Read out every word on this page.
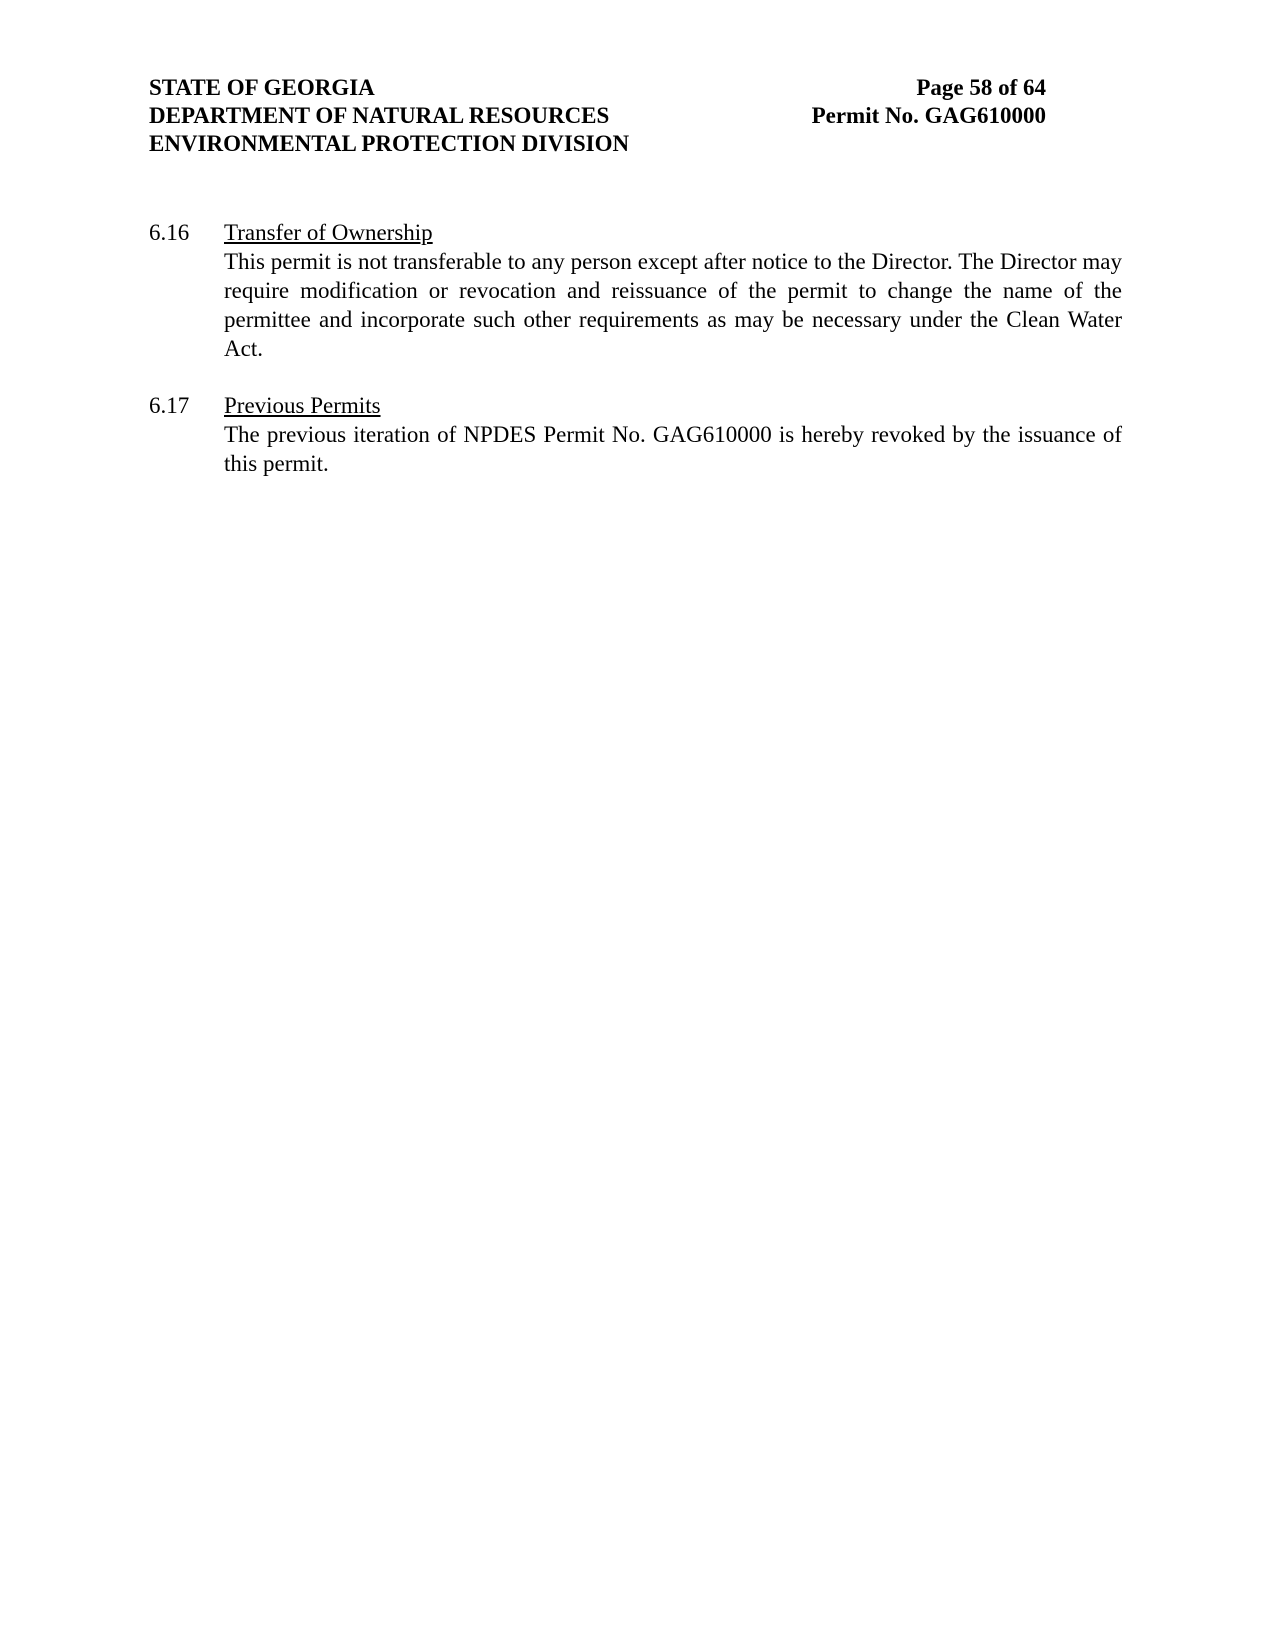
STATE OF GEORGIA
DEPARTMENT OF NATURAL RESOURCES
ENVIRONMENTAL PROTECTION DIVISION
Page 58 of 64
Permit No. GAG610000
6.16 Transfer of Ownership
This permit is not transferable to any person except after notice to the Director. The Director may require modification or revocation and reissuance of the permit to change the name of the permittee and incorporate such other requirements as may be necessary under the Clean Water Act.
6.17 Previous Permits
The previous iteration of NPDES Permit No. GAG610000 is hereby revoked by the issuance of this permit.
